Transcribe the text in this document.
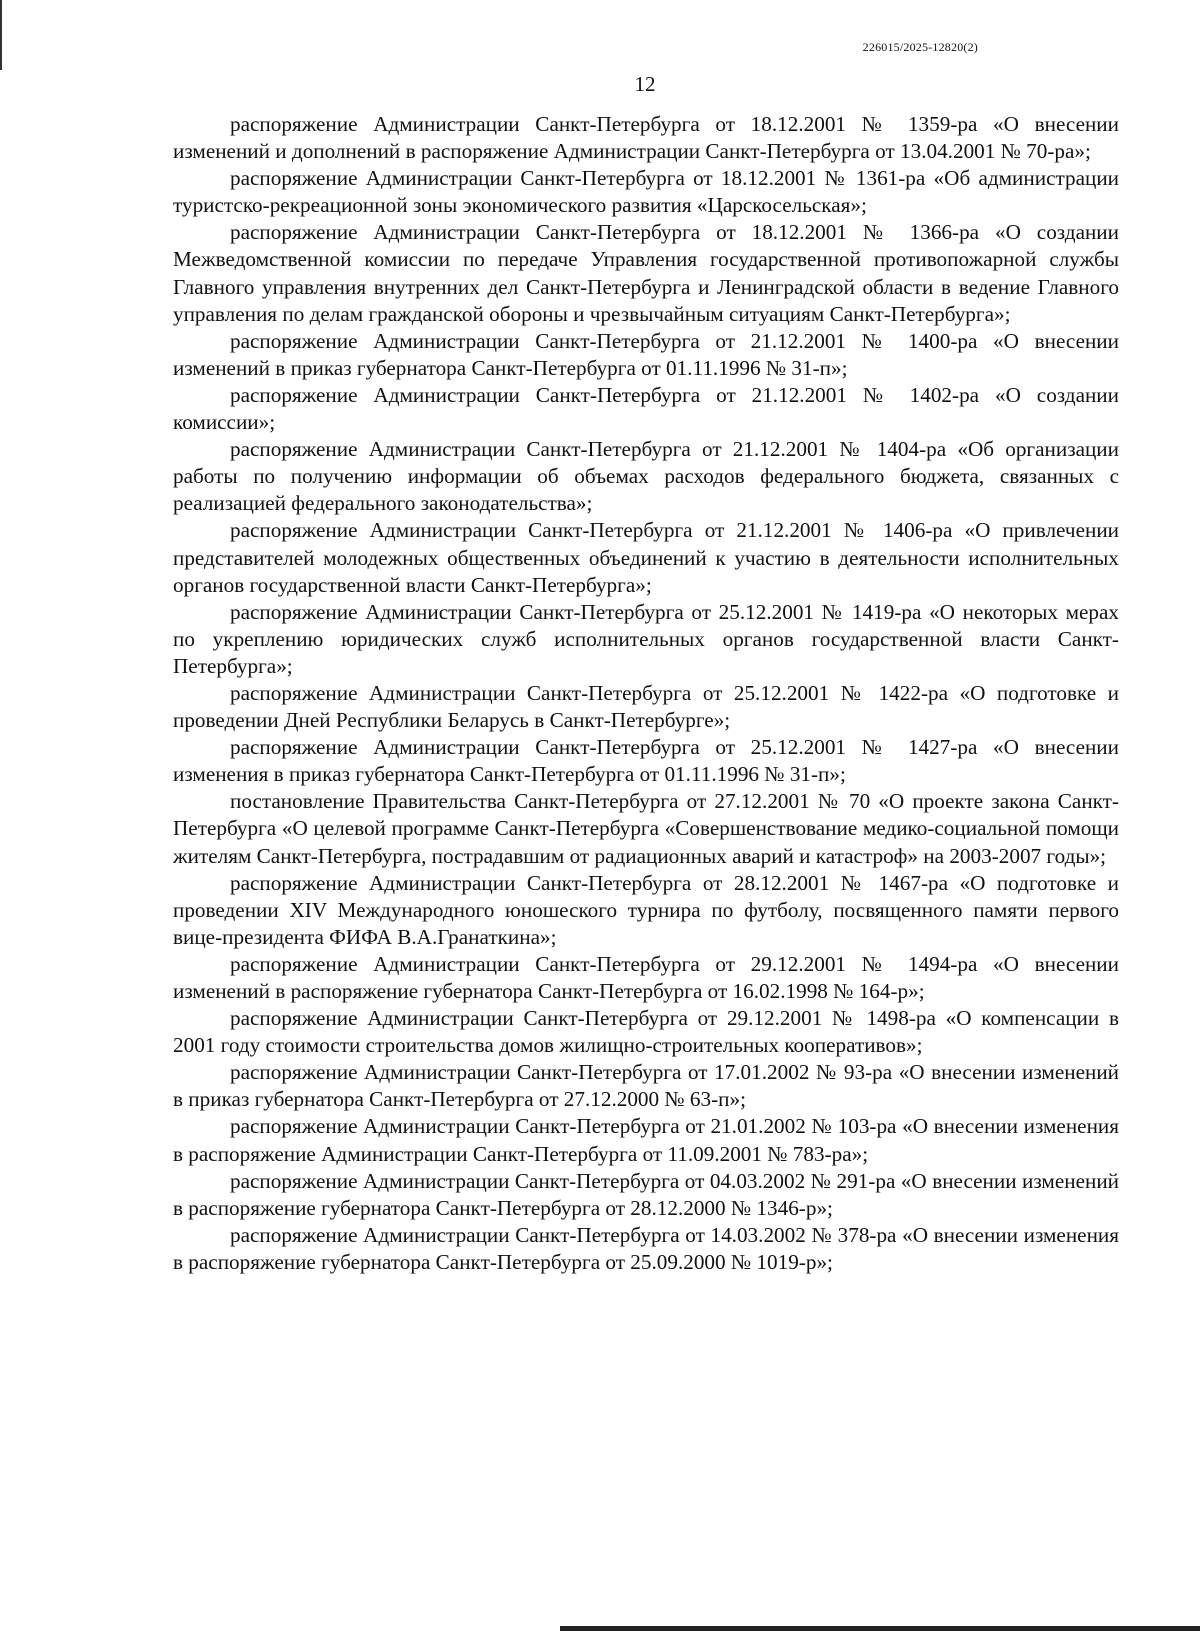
226015/2025-12820(2)
12

распоряжение Администрации Санкт-Петербурга от 18.12.2001 № 1359-ра «О внесении изменений и дополнений в распоряжение Администрации Санкт-Петербурга от 13.04.2001 № 70-ра»;

распоряжение Администрации Санкт-Петербурга от 18.12.2001 № 1361-ра «Об администрации туристско-рекреационной зоны экономического развития «Царскосельская»;

распоряжение Администрации Санкт-Петербурга от 18.12.2001 № 1366-ра «О создании Межведомственной комиссии по передаче Управления государственной противопожарной службы Главного управления внутренних дел Санкт-Петербурга и Ленинградской области в ведение Главного управления по делам гражданской обороны и чрезвычайным ситуациям Санкт-Петербурга»;

распоряжение Администрации Санкт-Петербурга от 21.12.2001 № 1400-ра «О внесении изменений в приказ губернатора Санкт-Петербурга от 01.11.1996 № 31-п»;

распоряжение Администрации Санкт-Петербурга от 21.12.2001 № 1402-ра «О создании комиссии»;

распоряжение Администрации Санкт-Петербурга от 21.12.2001 № 1404-ра «Об организации работы по получению информации об объемах расходов федерального бюджета, связанных с реализацией федерального законодательства»;

распоряжение Администрации Санкт-Петербурга от 21.12.2001 № 1406-ра «О привлечении представителей молодежных общественных объединений к участию в деятельности исполнительных органов государственной власти Санкт-Петербурга»;

распоряжение Администрации Санкт-Петербурга от 25.12.2001 № 1419-ра «О некоторых мерах по укреплению юридических служб исполнительных органов государственной власти Санкт-Петербурга»;

распоряжение Администрации Санкт-Петербурга от 25.12.2001 № 1422-ра «О подготовке и проведении Дней Республики Беларусь в Санкт-Петербурге»;

распоряжение Администрации Санкт-Петербурга от 25.12.2001 № 1427-ра «О внесении изменения в приказ губернатора Санкт-Петербурга от 01.11.1996 № 31-п»;

постановление Правительства Санкт-Петербурга от 27.12.2001 № 70 «О проекте закона Санкт-Петербурга «О целевой программе Санкт-Петербурга «Совершенствование медико-социальной помощи жителям Санкт-Петербурга, пострадавшим от радиационных аварий и катастроф» на 2003-2007 годы»;

распоряжение Администрации Санкт-Петербурга от 28.12.2001 № 1467-ра «О подготовке и проведении XIV Международного юношеского турнира по футболу, посвященного памяти первого вице-президента ФИФА В.А.Гранаткина»;

распоряжение Администрации Санкт-Петербурга от 29.12.2001 № 1494-ра «О внесении изменений в распоряжение губернатора Санкт-Петербурга от 16.02.1998 № 164-р»;

распоряжение Администрации Санкт-Петербурга от 29.12.2001 № 1498-ра «О компенсации в 2001 году стоимости строительства домов жилищно-строительных кооперативов»;

распоряжение Администрации Санкт-Петербурга от 17.01.2002 № 93-ра «О внесении изменений в приказ губернатора Санкт-Петербурга от 27.12.2000 № 63-п»;

распоряжение Администрации Санкт-Петербурга от 21.01.2002 № 103-ра «О внесении изменения в распоряжение Администрации Санкт-Петербурга от 11.09.2001 № 783-ра»;

распоряжение Администрации Санкт-Петербурга от 04.03.2002 № 291-ра «О внесении изменений в распоряжение губернатора Санкт-Петербурга от 28.12.2000 № 1346-р»;

распоряжение Администрации Санкт-Петербурга от 14.03.2002 № 378-ра «О внесении изменения в распоряжение губернатора Санкт-Петербурга от 25.09.2000 № 1019-р»;
